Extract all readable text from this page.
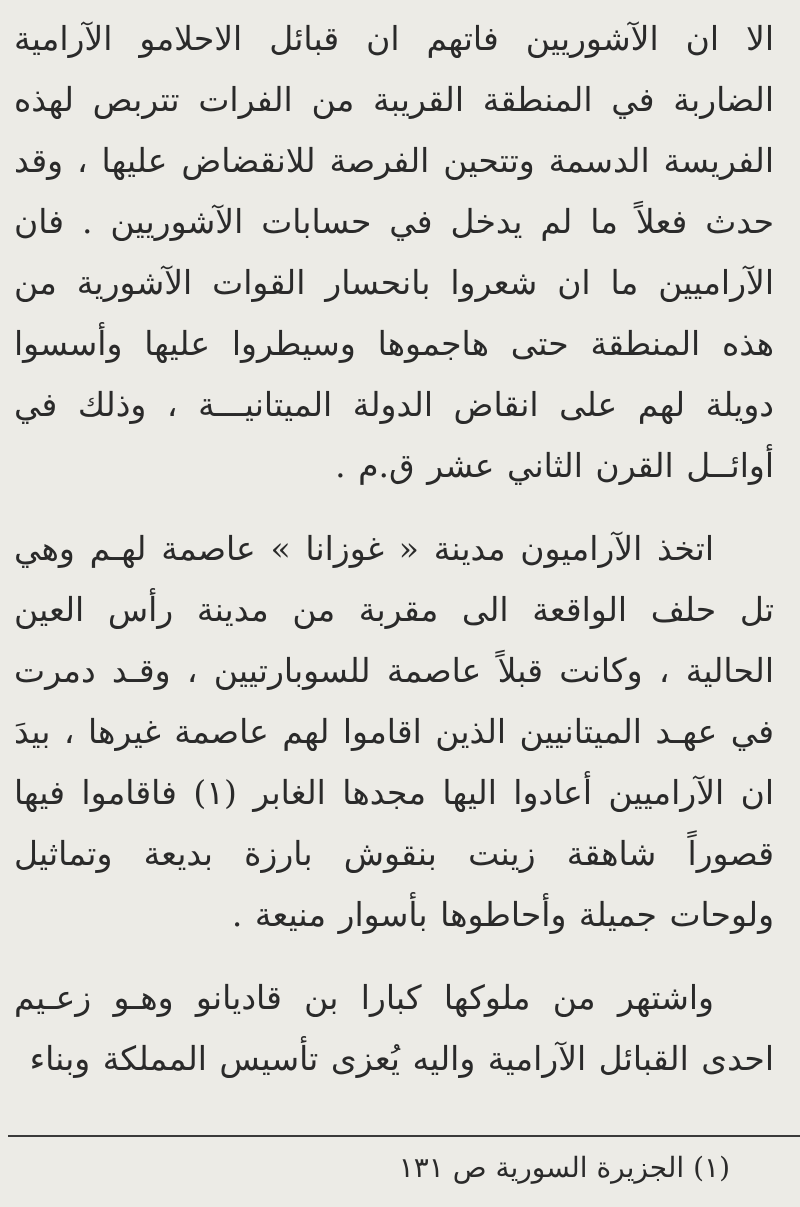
الا ان الآشوريين فاتهم ان قبائل الاحلامو الآرامية الضاربة في المنطقة القريبة من الفرات تتربص لهذه الفريسة الدسمة وتتحين الفرصة للانقضاض عليها ، وقد حدث فعلاً ما لم يدخل في حسابات الآشوريين . فان الآراميين ما ان شعروا بانحسار القوات الآشورية من هذه المنطقة حتى هاجموها وسيطروا عليها وأسسوا دويلة لهم على انقاض الدولة الميتانيـــة ، وذلك في أوائــل القرن الثاني عشر ق.م .

اتخذ الآراميون مدينة « غوزانا » عاصمة لهـم وهي تل حلف الواقعة الى مقربة من مدينة رأس العين الحالية ، وكانت قبلاً عاصمة للسوبارتيين ، وقـد دمرت في عهـد الميتانيين الذين اقاموا لهم عاصمة غيرها ، بيدَ ان الآراميين أعادوا اليها مجدها الغابر (١) فاقاموا فيها قصوراً شاهقة زينت بنقوش بارزة بديعة وتماثيل ولوحات جميلة وأحاطوها بأسوار منيعة .

واشتهر من ملوكها كبارا بن قاديانو وهـو زعـيم احدى القبائل الآرامية واليه يُعزى تأسيس المملكة وبناء

(١) الجزيرة السورية ص ١٣١
